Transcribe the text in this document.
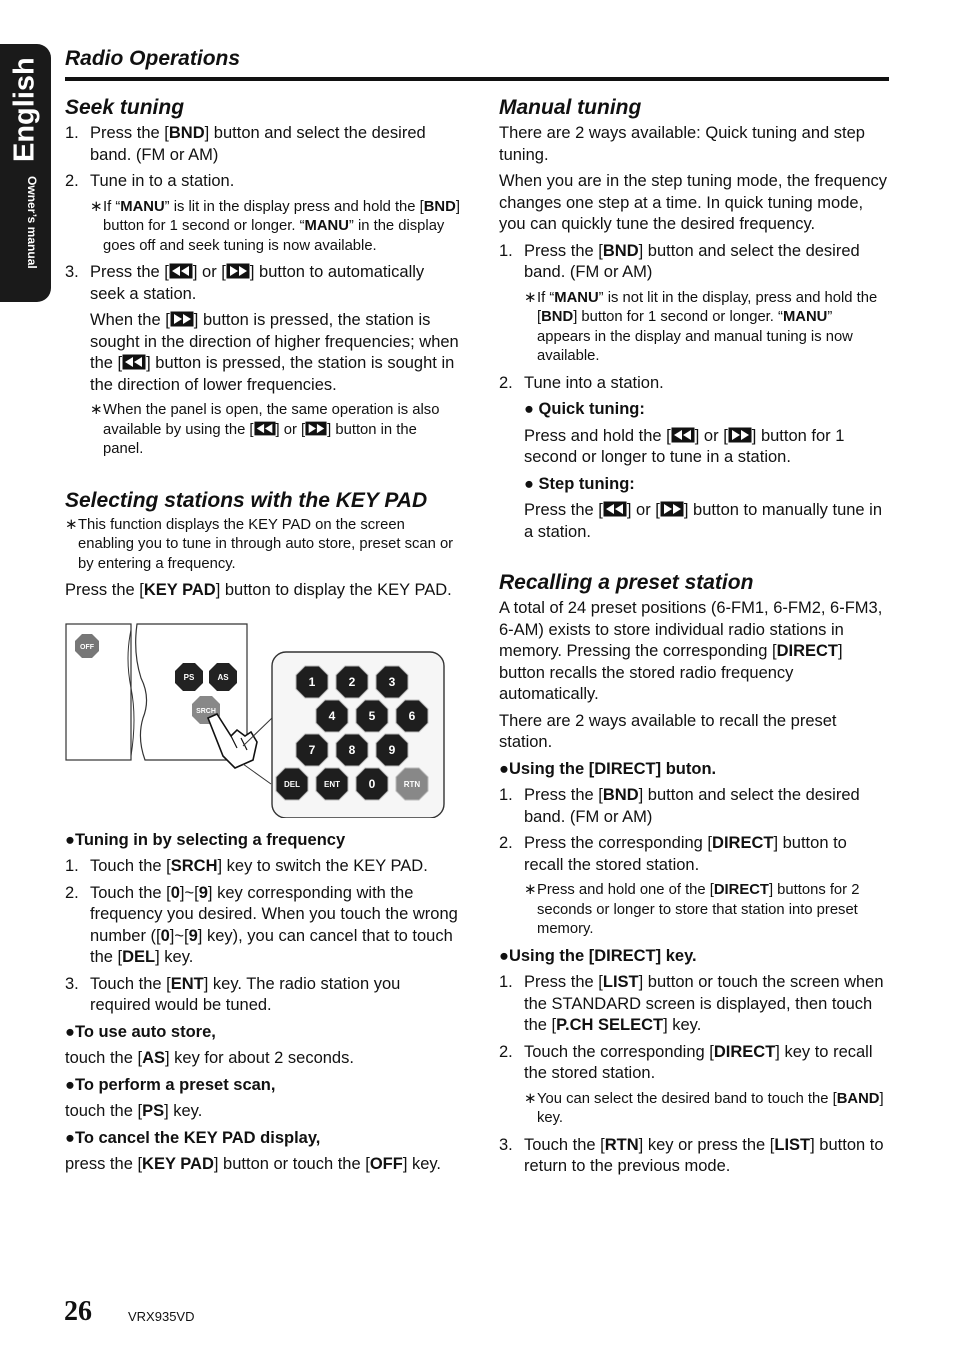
English
Owner’s manual
Radio Operations
Seek tuning
1. Press the [BND] button and select the desired band. (FM or AM)
2. Tune in to a station.
∗ If “MANU” is lit in the display press and hold the [BND] button for 1 second or longer. “MANU” in the display goes off and seek tuning is now available.
3. Press the [ ] or [ ] button to automatically seek a station.

When the [ ] button is pressed, the station is sought in the direction of higher frequencies; when the [ ] button is pressed, the station is sought in the direction of lower frequencies.

∗ When the panel is open, the same operation is also available by using the [ ] or [ ] button in the panel.
Selecting stations with the KEY PAD
∗ This function displays the KEY PAD on the screen enabling you to tune in through auto store, preset scan or by entering a frequency.

Press the [KEY PAD] button to display the KEY PAD.

OFF
PS	AS
SRCH
1	2	3
4	5	6
7	8	9
DEL	ENT 0	RTN
●Tuning in by selecting a frequency
1. Touch the [SRCH] key to switch the KEY PAD.
2. Touch the [0]~[9] key corresponding with the frequency you desired. When you touch the wrong number ([0]~[9] key), you can cancel that to touch the [DEL] key.
3. Touch the [ENT] key. The radio station you required would be tuned.
●To use auto store,

touch the [AS] key for about 2 seconds.

●To perform a preset scan,

touch the [PS] key.

●To cancel the KEY PAD display,

press the [KEY PAD] button or touch the [OFF] key.

Manual tuning

There are 2 ways available: Quick tuning and step tuning.

When you are in the step tuning mode, the frequency changes one step at a time. In quick tuning mode, you can quickly tune the desired frequency.

1. Press the [BND] button and select the desired band. (FM or AM)
∗ If “MANU” is not lit in the display, press and hold the [BND] button for 1 second or longer. “MANU” appears in the display and manual tuning is now available.
2. Tune into a station.
● Quick tuning:

Press and hold the [ ] or [ ] button for 1 second or longer to tune in a station.

● Step tuning:

Press the [ ] or [ ] button to manually tune in a station.

Recalling a preset station

A total of 24 preset positions (6-FM1, 6-FM2, 6-FM3, 6-AM) exists to store individual radio stations in memory. Pressing the corresponding [DIRECT] button recalls the stored radio frequency automatically.

There are 2 ways available to recall the preset station.

●Using the [DIRECT] buton.
1. Press the [BND] button and select the desired band. (FM or AM)
2. Press the corresponding [DIRECT] button to recall the stored station.
∗ Press and hold one of the [DIRECT] buttons for 2 seconds or longer to store that station into preset memory.
●Using the [DIRECT] key.
1. Press the [LIST] button or touch the screen when the STANDARD screen is displayed, then touch the [P.CH SELECT] key.
2. Touch the corresponding [DIRECT] key to recall the stored station.
∗ You can select the desired band to touch the [BAND] key.
3. Touch the [RTN] key or press the [LIST] button to return to the previous mode.
26	VRX935VD
